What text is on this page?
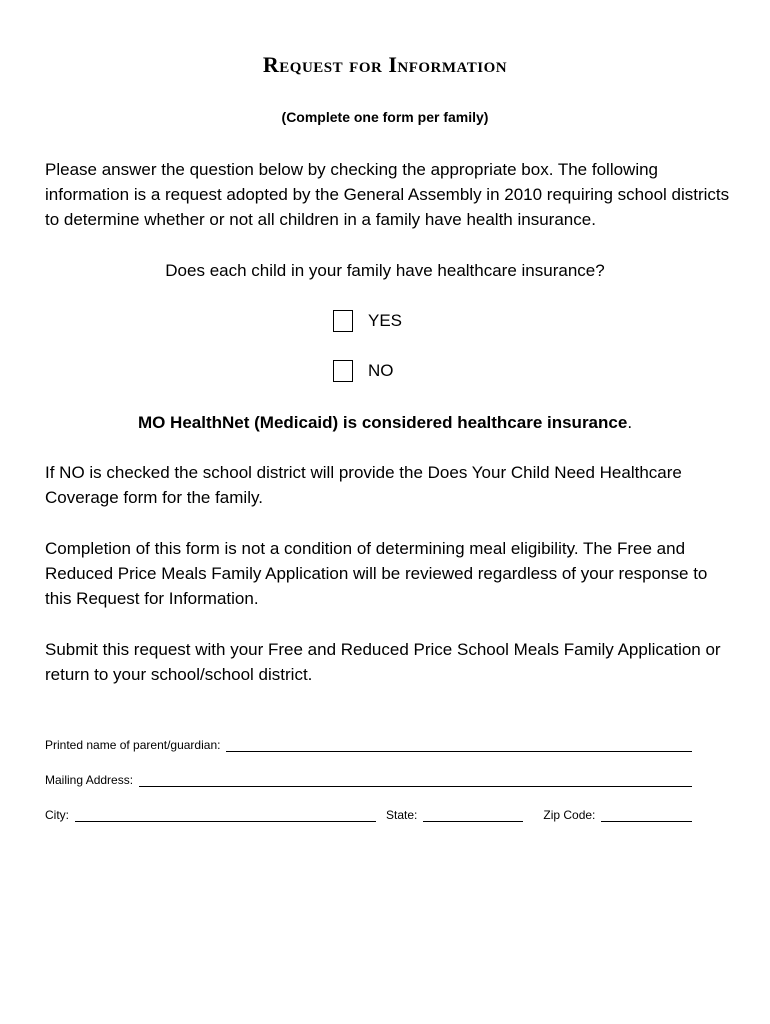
Request for Information
(Complete one form per family)
Please answer the question below by checking the appropriate box. The following information is a request adopted by the General Assembly in 2010 requiring school districts to determine whether or not all children in a family have health insurance.
Does each child in your family have healthcare insurance?
YES
NO
MO HealthNet (Medicaid) is considered healthcare insurance.
If NO is checked the school district will provide the Does Your Child Need Healthcare Coverage form for the family.
Completion of this form is not a condition of determining meal eligibility. The Free and Reduced Price Meals Family Application will be reviewed regardless of your response to this Request for Information.
Submit this request with your Free and Reduced Price School Meals Family Application or return to your school/school district.
Printed name of parent/guardian:
Mailing Address:
City:	State:	Zip Code:
